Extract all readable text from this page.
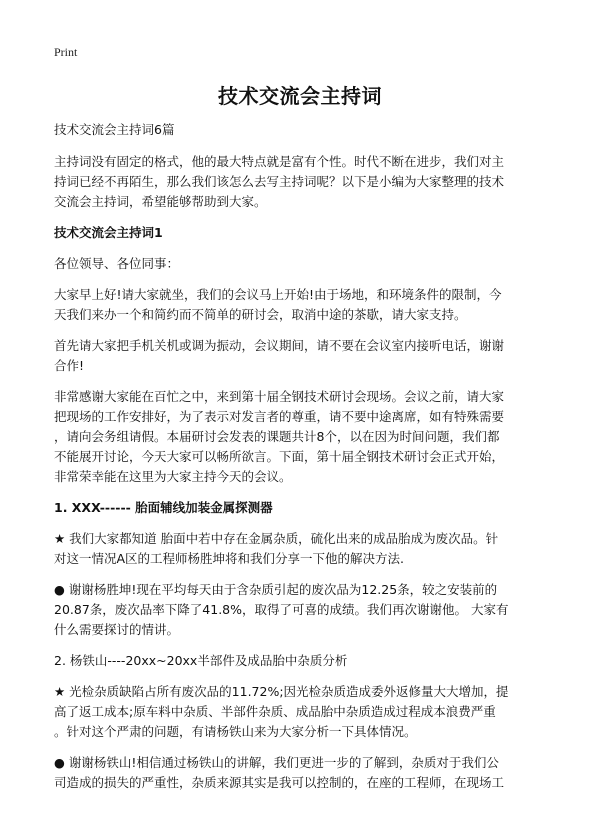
Print
技术交流会主持词
技术交流会主持词6篇
主持词没有固定的格式，他的最大特点就是富有个性。时代不断在进步，我们对主
持词已经不再陌生，那么我们该怎么去写主持词呢？以下是小编为大家整理的技术
交流会主持词，希望能够帮助到大家。
技术交流会主持词1
各位领导、各位同事：
大家早上好!请大家就坐，我们的会议马上开始!由于场地，和环境条件的限制，今
天我们来办一个和简约而不简单的研讨会，取消中途的茶歇，请大家支持。
首先请大家把手机关机或调为振动，会议期间，请不要在会议室内接听电话，谢谢
合作!
非常感谢大家能在百忙之中，来到第十届全钢技术研讨会现场。会议之前，请大家
把现场的工作安排好，为了表示对发言者的尊重，请不要中途离席，如有特殊需要
，请向会务组请假。本届研讨会发表的课题共计8个，以在因为时间问题，我们都
不能展开讨论，今天大家可以畅所欲言。下面，第十届全钢技术研讨会正式开始，
非常荣幸能在这里为大家主持今天的会议。
1. XXX------ 胎面辅线加装金属探测器
★ 我们大家都知道 胎面中若中存在金属杂质，硫化出来的成品胎成为废次品。针
对这一情况A区的工程师杨胜坤将和我们分享一下他的解决方法.
● 谢谢杨胜坤!现在平均每天由于含杂质引起的废次品为12.25条，较之安装前的
20.87条，废次品率下降了41.8%，取得了可喜的成绩。我们再次谢谢他。 大家有
什么需要探讨的情讲。
2. 杨铁山----20xx~20xx半部件及成品胎中杂质分析
★ 光检杂质缺陷占所有废次品的11.72%;因光检杂质造成委外返修量大大增加，提
高了返工成本;原车料中杂质、半部件杂质、成品胎中杂质造成过程成本浪费严重
。针对这个严肃的问题，有请杨铁山来为大家分析一下具体情况。
● 谢谢杨铁山!相信通过杨铁山的讲解，我们更进一步的了解到，杂质对于我们公
司造成的损失的严重性，杂质来源其实是我可以控制的，在座的工程师，在现场工
